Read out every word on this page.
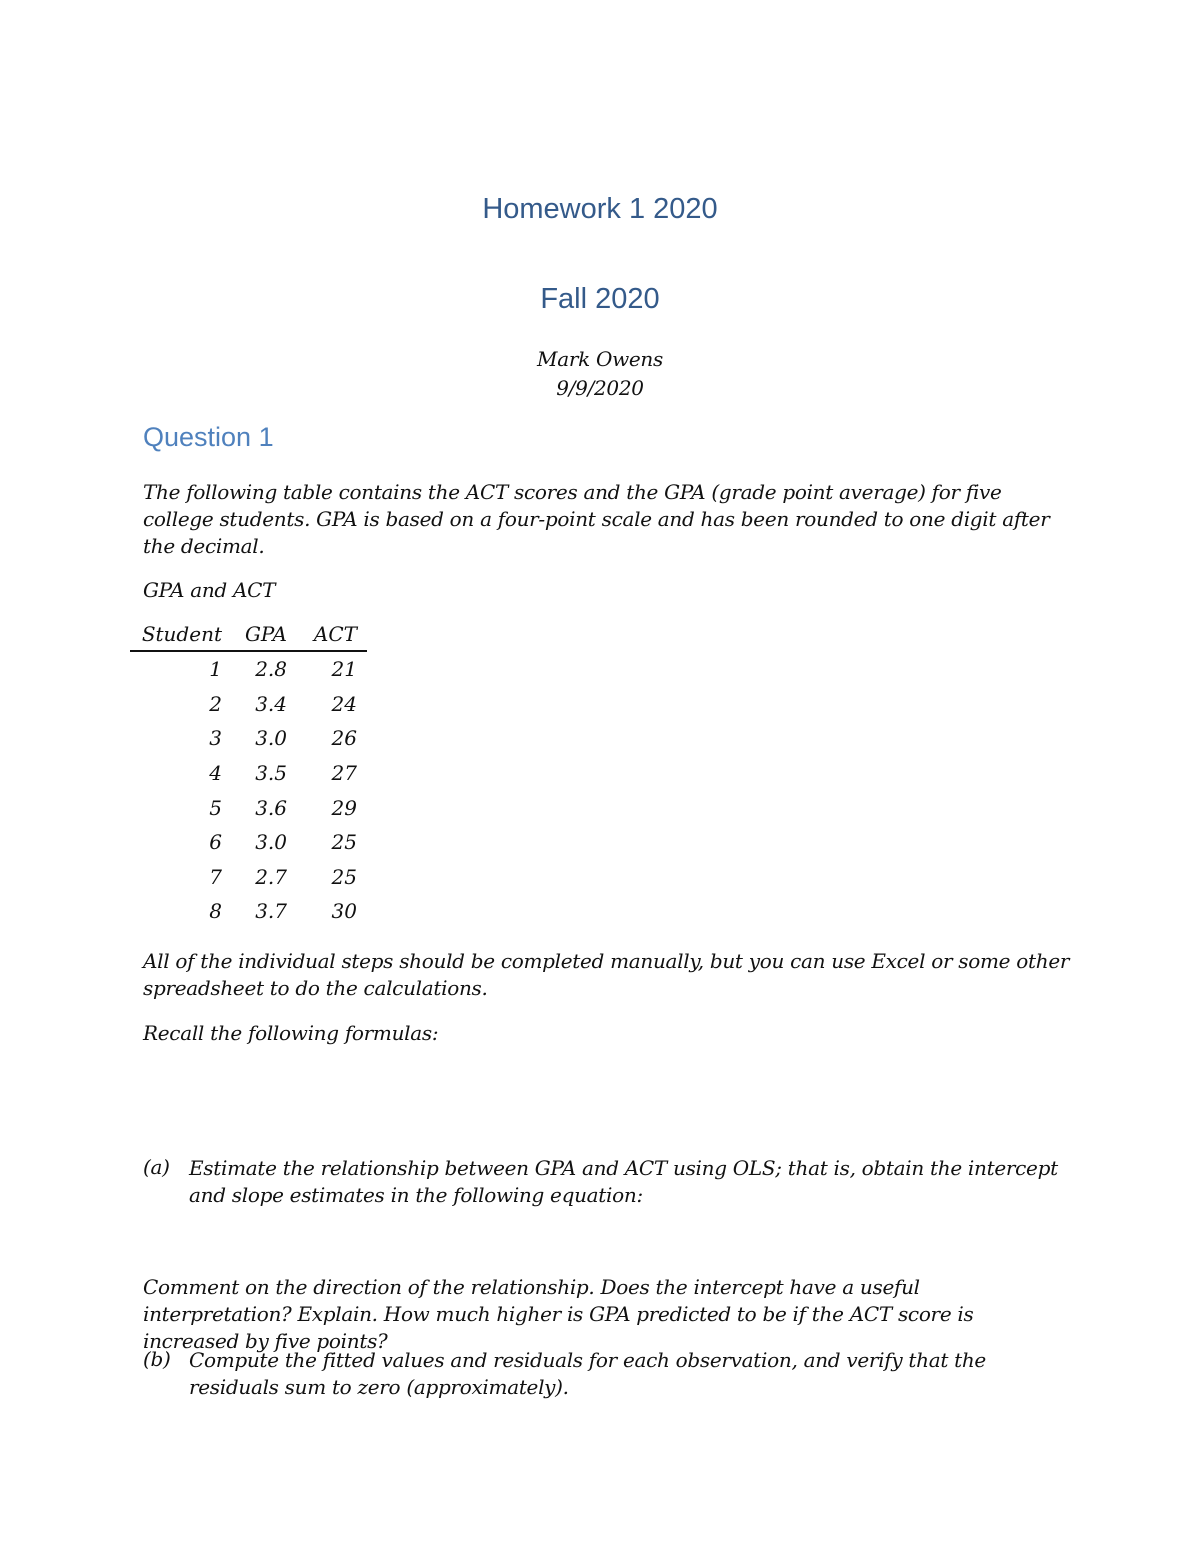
Homework 1 2020
Fall 2020

Mark Owens

9/9/2020

Question 1

The following table contains the ACT scores and the GPA (grade point average) for five college students. GPA is based on a four-point scale and has been rounded to one digit after the decimal.

GPA and ACT

Student	GPA	ACT
1	2.8	21
2	3.4	24
3	3.0	26
4	3.5	27
5	3.6	29
6	3.0	25
7	2.7	25
8	3.7	30

All of the individual steps should be completed manually, but you can use Excel or some other spreadsheet to do the calculations.

Recall the following formulas:

(a) Estimate the relationship between GPA and ACT using OLS; that is, obtain the intercept and slope estimates in the following equation:

Comment on the direction of the relationship. Does the intercept have a useful interpretation? Explain. How much higher is GPA predicted to be if the ACT score is increased by five points?

(b) Compute the fitted values and residuals for each observation, and verify that the residuals sum to zero (approximately).
